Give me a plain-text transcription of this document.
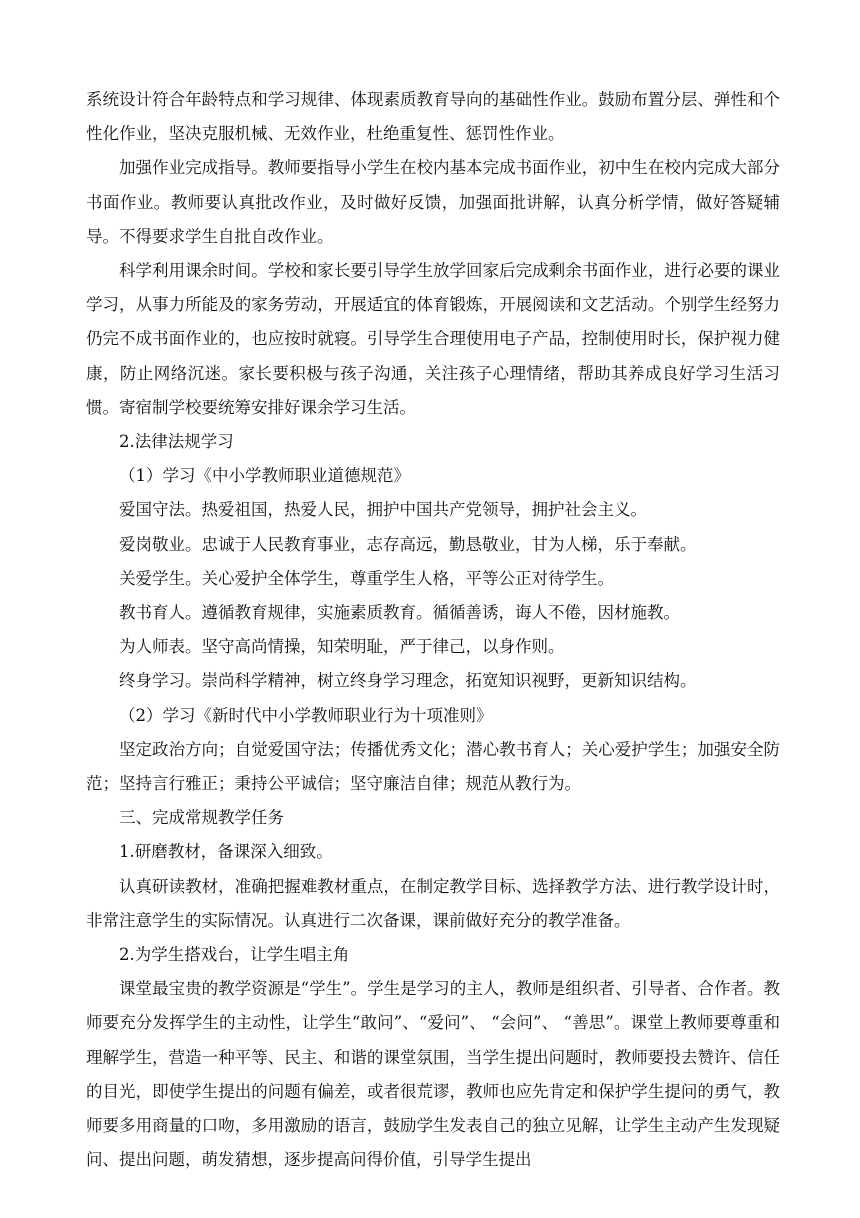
系统设计符合年龄特点和学习规律、体现素质教育导向的基础性作业。鼓励布置分层、弹性和个性化作业，坚决克服机械、无效作业，杜绝重复性、惩罚性作业。

加强作业完成指导。教师要指导小学生在校内基本完成书面作业，初中生在校内完成大部分书面作业。教师要认真批改作业，及时做好反馈，加强面批讲解，认真分析学情，做好答疑辅导。不得要求学生自批自改作业。

科学利用课余时间。学校和家长要引导学生放学回家后完成剩余书面作业，进行必要的课业学习，从事力所能及的家务劳动，开展适宜的体育锻炼，开展阅读和文艺活动。个别学生经努力仍完不成书面作业的，也应按时就寝。引导学生合理使用电子产品，控制使用时长，保护视力健康，防止网络沉迷。家长要积极与孩子沟通，关注孩子心理情绪，帮助其养成良好学习生活习惯。寄宿制学校要统筹安排好课余学习生活。

2.法律法规学习

（1）学习《中小学教师职业道德规范》

爱国守法。热爱祖国，热爱人民，拥护中国共产党领导，拥护社会主义。

爱岗敬业。忠诚于人民教育事业，志存高远，勤恳敬业，甘为人梯，乐于奉献。

关爱学生。关心爱护全体学生，尊重学生人格，平等公正对待学生。

教书育人。遵循教育规律，实施素质教育。循循善诱，诲人不倦，因材施教。

为人师表。坚守高尚情操，知荣明耻，严于律己，以身作则。

终身学习。崇尚科学精神，树立终身学习理念，拓宽知识视野，更新知识结构。

（2）学习《新时代中小学教师职业行为十项准则》

坚定政治方向；自觉爱国守法；传播优秀文化；潜心教书育人；关心爱护学生；加强安全防范；坚持言行雅正；秉持公平诚信；坚守廉洁自律；规范从教行为。

三、完成常规教学任务

1.研磨教材，备课深入细致。

认真研读教材，准确把握难教材重点，在制定教学目标、选择教学方法、进行教学设计时，非常注意学生的实际情况。认真进行二次备课，课前做好充分的教学准备。

2.为学生搭戏台，让学生唱主角

课堂最宝贵的教学资源是“学生”。学生是学习的主人，教师是组织者、引导者、合作者。教师要充分发挥学生的主动性，让学生“敢问”、“爱问”、 “会问”、 “善思”。课堂上教师要尊重和理解学生，营造一种平等、民主、和谐的课堂氛围，当学生提出问题时，教师要投去赞许、信任的目光，即使学生提出的问题有偏差，或者很荒谬，教师也应先肯定和保护学生提问的勇气，教师要多用商量的口吻，多用激励的语言，鼓励学生发表自己的独立见解，让学生主动产生发现疑问、提出问题，萌发猜想，逐步提高问得价值，引导学生提出
